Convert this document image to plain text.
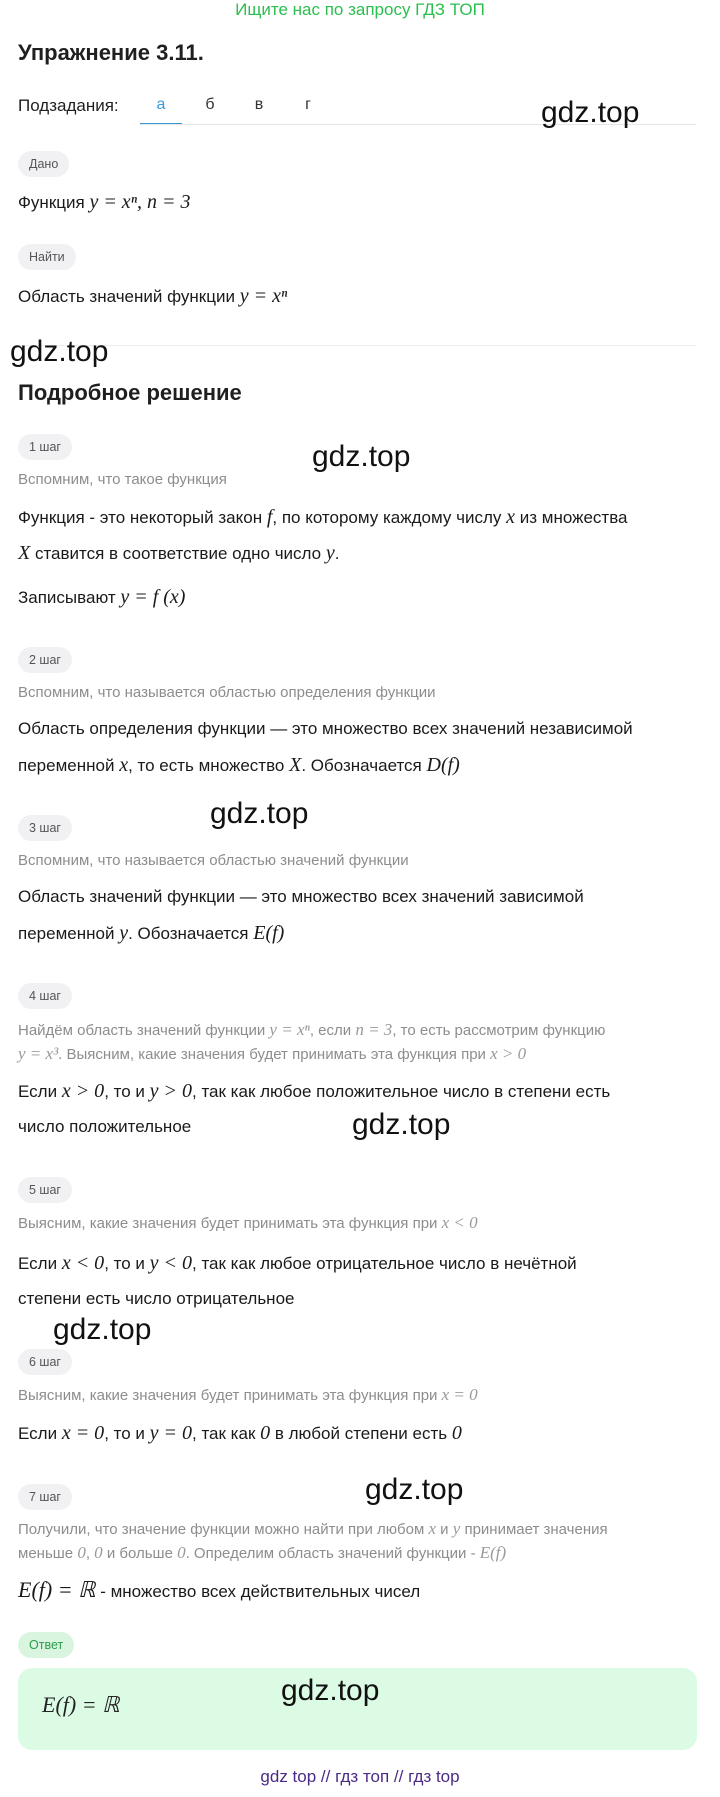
Ищите нас по запросу ГДЗ ТОП
Упражнение 3.11.
Подзадания:	а	б	в	г	gdz.top
Дано
Функция y = xⁿ, n = 3
Найти
Область значений функции y = xⁿ
gdz.top
Подробное решение
1 шаг	gdz.top
Вспомним, что такое функция
Функция - это некоторый закон f, по которому каждому числу x из множества
X ставится в соответствие одно число y.
Записывают y = f (x)
2 шаг
Вспомним, что называется областью определения функции
Область определения функции — это множество всех значений независимой
переменной x, то есть множество X. Обозначается D(f)
3 шаг	gdz.top
Вспомним, что называется областью значений функции
Область значений функции — это множество всех значений зависимой
переменной y. Обозначается E(f)
4 шаг
Найдём область значений функции y = xⁿ, если n = 3, то есть рассмотрим функцию
y = x³. Выясним, какие значения будет принимать эта функция при x > 0
Если x > 0, то и y > 0, так как любое положительное число в степени есть
число положительное	gdz.top
5 шаг
Выясним, какие значения будет принимать эта функция при x < 0
Если x < 0, то и y < 0, так как любое отрицательное число в нечётной
степени есть число отрицательное
gdz.top
6 шаг
Выясним, какие значения будет принимать эта функция при x = 0
Если x = 0, то и y = 0, так как 0 в любой степени есть 0
7 шаг	gdz.top
Получили, что значение функции можно найти при любом x и y принимает значения
меньше 0, 0 и больше 0. Определим область значений функции - E(f)
E(f) = ℝ - множество всех действительных чисел
Ответ
E(f) = ℝ	gdz.top
gdz top // гдз топ // гдз top
